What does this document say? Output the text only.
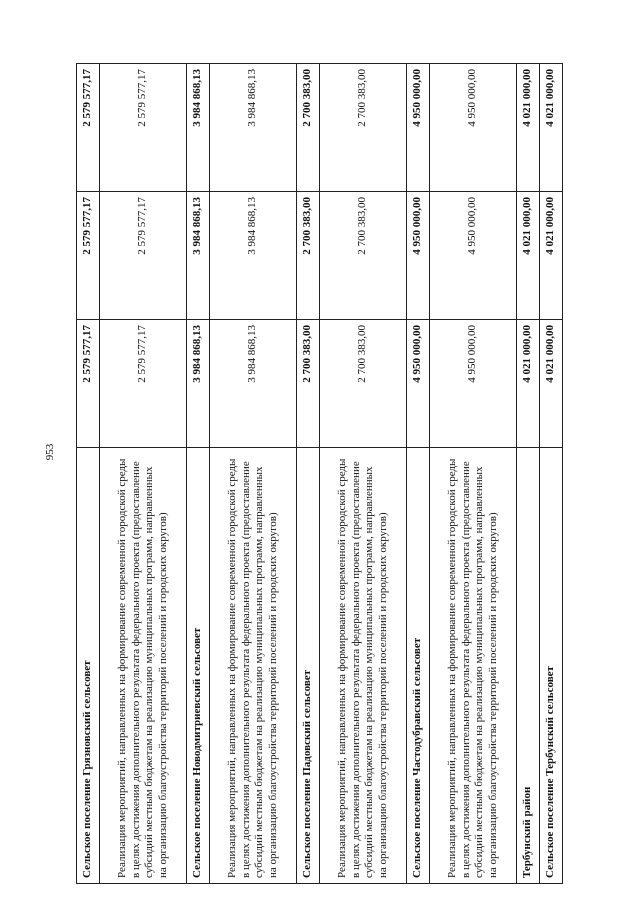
953
Сельское поселение Грязновский сельсовет	2 579 577,17	2 579 577,17	2 579 577,17
Реализация мероприятий, направленных на формирование современной городской среды в целях достижения дополнительного результата федерального проекта (предоставление субсидий местным бюджетам на реализацию муниципальных программ, направленных на организацию благоустройства территорий поселений и городских округов)	2 579 577,17	2 579 577,17	2 579 577,17
Сельское поселение Новодмитриевский сельсовет	3 984 868,13	3 984 868,13	3 984 868,13
Реализация мероприятий, направленных на формирование современной городской среды в целях достижения дополнительного результата федерального проекта (предоставление субсидий местным бюджетам на реализацию муниципальных программ, направленных на организацию благоустройства территорий поселений и городских округов)	3 984 868,13	3 984 868,13	3 984 868,13
Сельское поселение Падовский сельсовет	2 700 383,00	2 700 383,00	2 700 383,00
Реализация мероприятий, направленных на формирование современной городской среды в целях достижения дополнительного результата федерального проекта (предоставление субсидий местным бюджетам на реализацию муниципальных программ, направленных на организацию благоустройства территорий поселений и городских округов)	2 700 383,00	2 700 383,00	2 700 383,00
Сельское поселение Частодубравский сельсовет	4 950 000,00	4 950 000,00	4 950 000,00
Реализация мероприятий, направленных на формирование современной городской среды в целях достижения дополнительного результата федерального проекта (предоставление субсидий местным бюджетам на реализацию муниципальных программ, направленных на организацию благоустройства территорий поселений и городских округов)	4 950 000,00	4 950 000,00	4 950 000,00
Тербунский район	4 021 000,00	4 021 000,00	4 021 000,00
Сельское поселение Тербунский сельсовет	4 021 000,00	4 021 000,00	4 021 000,00
